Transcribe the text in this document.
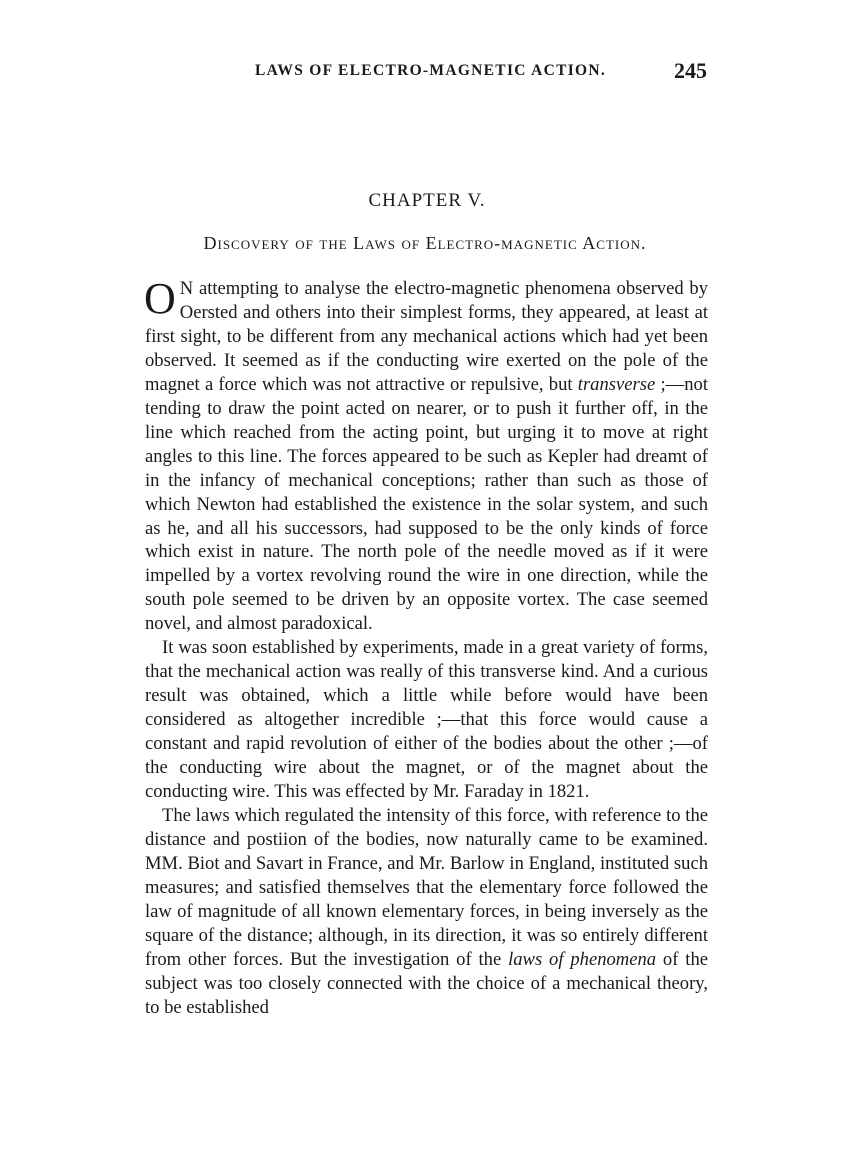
LAWS OF ELECTRO-MAGNETIC ACTION.	245
CHAPTER V.
Discovery of the Laws of Electro-magnetic Action.

O N attempting to analyse the electro-magnetic phenomena observed by Oersted and others into their simplest forms, they appeared, at least at first sight, to be different from any mechanical actions which had yet been observed. It seemed as if the conducting wire exerted on the pole of the magnet a force which was not attractive or repulsive, but transverse ;—not tending to draw the point acted on nearer, or to push it further off, in the line which reached from the acting point, but urging it to move at right angles to this line. The forces appeared to be such as Kepler had dreamt of in the infancy of mechanical conceptions; rather than such as those of which Newton had established the existence in the solar system, and such as he, and all his successors, had supposed to be the only kinds of force which exist in nature. The north pole of the needle moved as if it were impelled by a vortex revolving round the wire in one direction, while the south pole seemed to be driven by an opposite vortex. The case seemed novel, and almost paradoxical.

It was soon established by experiments, made in a great variety of forms, that the mechanical action was really of this transverse kind. And a curious result was obtained, which a little while before would have been considered as altogether incredible ;—that this force would cause a constant and rapid revolution of either of the bodies about the other ;—of the conducting wire about the magnet, or of the magnet about the conducting wire. This was effected by Mr. Faraday in 1821.

The laws which regulated the intensity of this force, with reference to the distance and postiion of the bodies, now naturally came to be examined. MM. Biot and Savart in France, and Mr. Barlow in England, instituted such measures; and satisfied themselves that the elementary force followed the law of magnitude of all known elementary forces, in being inversely as the square of the distance; although, in its direction, it was so entirely different from other forces. But the investigation of the laws of phenomena of the subject was too closely connected with the choice of a mechanical theory, to be established
